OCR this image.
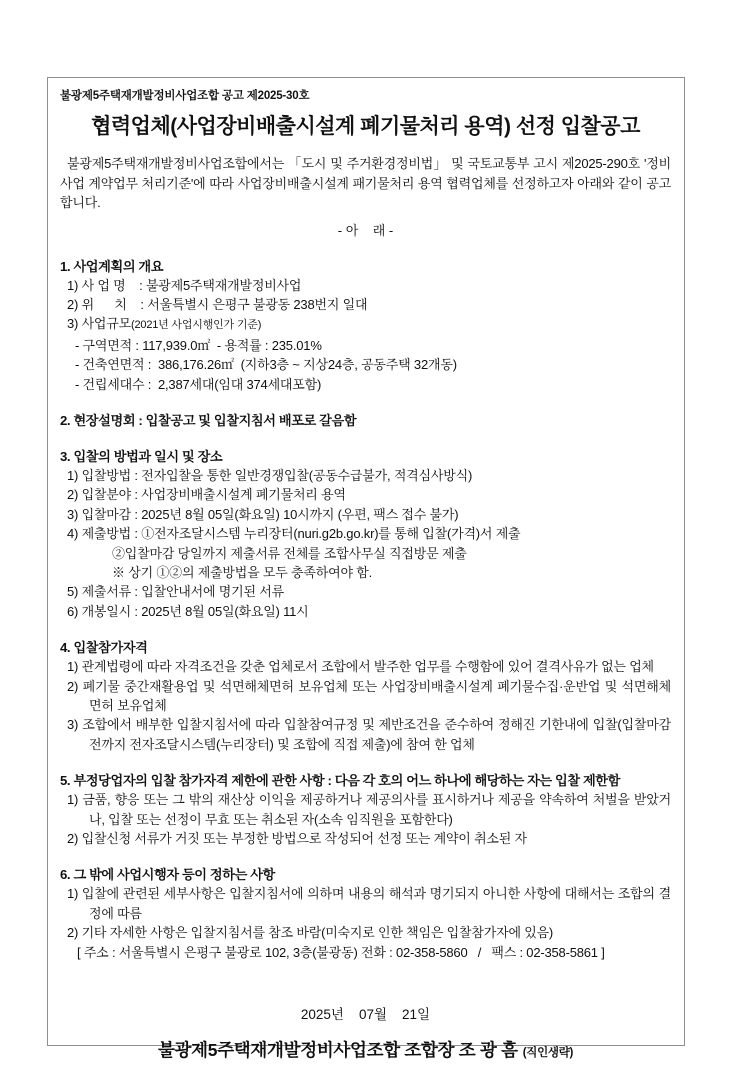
불광제5주택재개발정비사업조합 공고 제2025-30호
협력업체(사업장비배출시설계 폐기물처리 용역) 선정 입찰공고

불광제5주택재개발정비사업조합에서는 「도시 및 주거환경정비법」 및 국토교통부 고시 제2025-290호 '정비사업 계약업무 처리기준'에 따라 사업장비배출시설계 패기물처리 용역 협력업체를 선정하고자 아래와 같이 공고합니다.

- 아    래 -
1. 사업계획의 개요
1) 사 업 명    : 불광제5주택재개발정비사업
2) 위      치    : 서울특별시 은평구 불광동 238번지 일대
3) 사업규모(2021년 사업시행인가 기준)
- 구역면적 : 117,939.0㎡  - 용적률 : 235.01%
- 건축연면적 :  386,176.26㎡  (지하3층 ~ 지상24층, 공동주택 32개동)
- 건립세대수 :  2,387세대(임대 374세대포함)
2. 현장설명회 : 입찰공고 및 입찰지침서 배포로 갈음함
3. 입찰의 방법과 일시 및 장소
1) 입찰방법 : 전자입찰을 통한 일반경쟁입찰(공동수급불가, 적격심사방식)
2) 입찰분야 : 사업장비배출시설계 폐기물처리 용역
3) 입찰마감 : 2025년 8월 05일(화요일) 10시까지 (우편, 팩스 접수 불가)
4) 제출방법 : ①전자조달시스템 누리장터(nuri.g2b.go.kr)를 통해 입찰(가격)서 제출
②입찰마감 당일까지 제출서류 전체를 조합사무실 직접방문 제출
※ 상기 ①②의 제출방법을 모두 충족하여야 함.
5) 제출서류 : 입찰안내서에 명기된 서류
6) 개봉일시 : 2025년 8월 05일(화요일) 11시
4. 입찰참가자격
1) 관계법령에 따라 자격조건을 갖춘 업체로서 조합에서 발주한 업무를 수행함에 있어 결격사유가 없는 업체
2) 폐기물 중간재활용업 및 석면해체면허 보유업체 또는 사업장비배출시설계 폐기물수집·운반업 및 석면해체 면허 보유업체
3) 조합에서 배부한 입찰지침서에 따라 입찰참여규정 및 제반조건을 준수하여 정해진 기한내에 입찰(입찰마감 전까지 전자조달시스템(누리장터) 및 조합에 직접 제출)에 참여 한 업체
5. 부정당업자의 입찰 참가자격 제한에 관한 사항 : 다음 각 호의 어느 하나에 해당하는 자는 입찰 제한함
1) 금품, 향응 또는 그 밖의 재산상 이익을 제공하거나 제공의사를 표시하거나 제공을 약속하여 처벌을 받았거나, 입찰 또는 선정이 무효 또는 취소된 자(소속 임직원을 포함한다)
2) 입찰신청 서류가 거짓 또는 부정한 방법으로 작성되어 선정 또는 계약이 취소된 자
6. 그 밖에 사업시행자 등이 정하는 사항
1) 입찰에 관련된 세부사항은 입찰지침서에 의하며 내용의 해석과 명기되지 아니한 사항에 대해서는 조합의 결정에 따름
2) 기타 자세한 사항은 입찰지침서를 참조 바람(미숙지로 인한 책임은 입찰참가자에 있음)
[ 주소 : 서울특별시 은평구 불광로 102, 3층(불광동) 전화 : 02-358-5860   /   팩스 : 02-358-5861 ]
2025년    07월    21일
불광제5주택재개발정비사업조합 조합장 조 광 흠 (직인생략)
